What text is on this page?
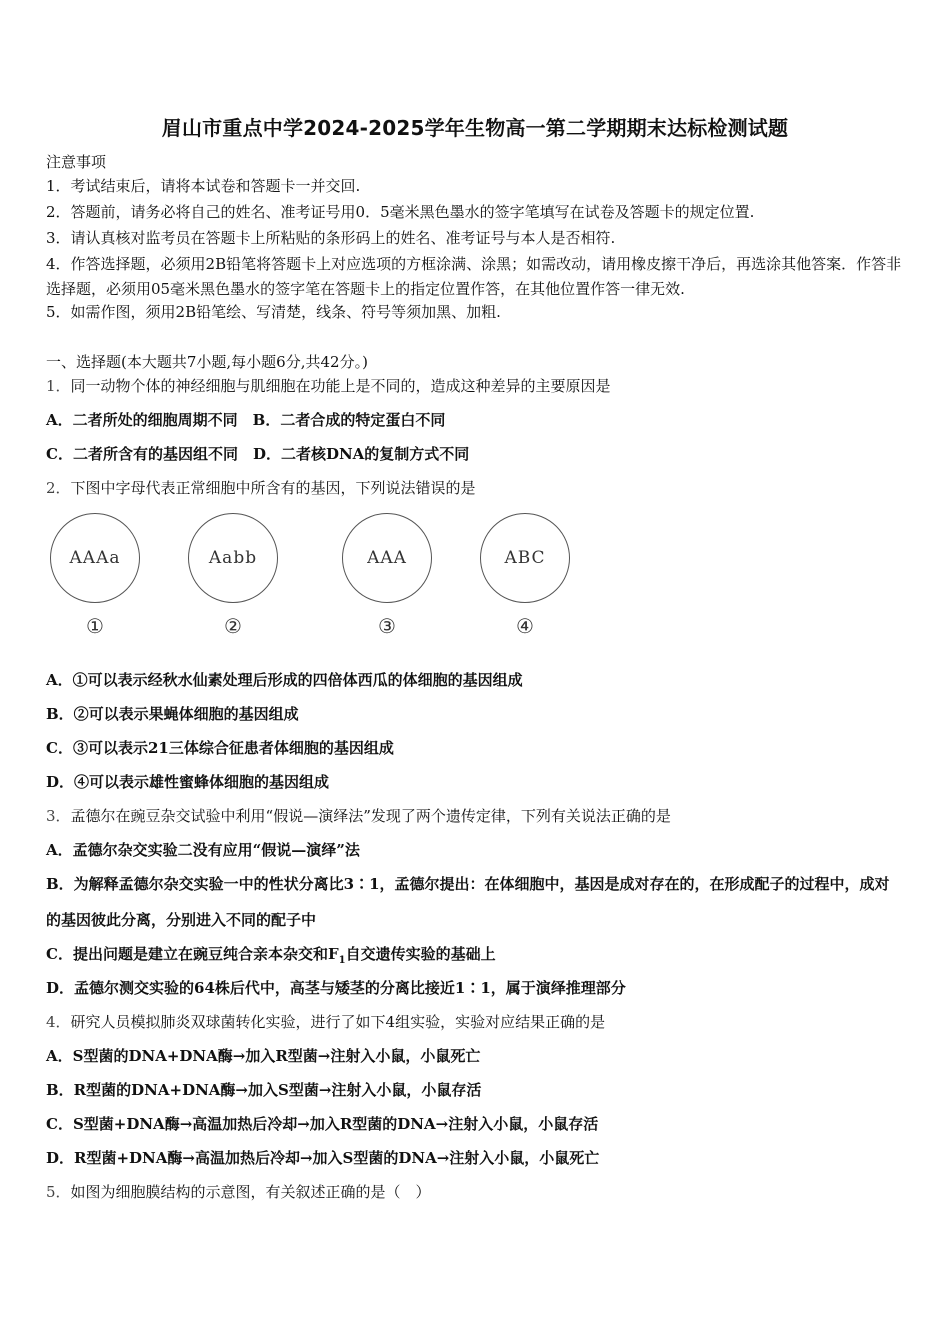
眉山市重点中学2024-2025学年生物高一第二学期期末达标检测试题
注意事项
1．考试结束后，请将本试卷和答题卡一并交回.
2．答题前，请务必将自己的姓名、准考证号用0．5毫米黑色墨水的签字笔填写在试卷及答题卡的规定位置.
3．请认真核对监考员在答题卡上所粘贴的条形码上的姓名、准考证号与本人是否相符.
4．作答选择题，必须用2B铅笔将答题卡上对应选项的方框涂满、涂黑；如需改动，请用橡皮擦干净后，再选涂其他答案．作答非选择题，必须用05毫米黑色墨水的签字笔在答题卡上的指定位置作答，在其他位置作答一律无效.
5．如需作图，须用2B铅笔绘、写清楚，线条、符号等须加黑、加粗.
一、选择题(本大题共7小题,每小题6分,共42分。)
1．同一动物个体的神经细胞与肌细胞在功能上是不同的，造成这种差异的主要原因是
A．二者所处的细胞周期不同　B．二者合成的特定蛋白不同
C．二者所含有的基因组不同　D．二者核DNA的复制方式不同
2．下图中字母代表正常细胞中所含有的基因，下列说法错误的是
AAAa	Aabb	AAA	ABC
①	②	③	④
A．①可以表示经秋水仙素处理后形成的四倍体西瓜的体细胞的基因组成
B．②可以表示果蝇体细胞的基因组成
C．③可以表示21三体综合征患者体细胞的基因组成
D．④可以表示雄性蜜蜂体细胞的基因组成
3．孟德尔在豌豆杂交试验中利用“假说—演绎法”发现了两个遗传定律，下列有关说法正确的是
A．孟德尔杂交实验二没有应用“假说—演绎”法
B．为解释孟德尔杂交实验一中的性状分离比3∶1，孟德尔提出：在体细胞中，基因是成对存在的，在形成配子的过程中，成对的基因彼此分离，分别进入不同的配子中
C．提出问题是建立在豌豆纯合亲本杂交和$F_1$自交遗传实验的基础上
D．孟德尔测交实验的64株后代中，高茎与矮茎的分离比接近1∶1，属于演绎推理部分
4．研究人员模拟肺炎双球菌转化实验，进行了如下4组实验，实验对应结果正确的是
A．S型菌的DNA+DNA酶→加入R型菌→注射入小鼠，小鼠死亡
B．R型菌的DNA+DNA酶→加入S型菌→注射入小鼠，小鼠存活
C．S型菌+DNA酶→高温加热后冷却→加入R型菌的DNA→注射入小鼠，小鼠存活
D．R型菌+DNA酶→高温加热后冷却→加入S型菌的DNA→注射入小鼠，小鼠死亡
5．如图为细胞膜结构的示意图，有关叙述正确的是（　）
